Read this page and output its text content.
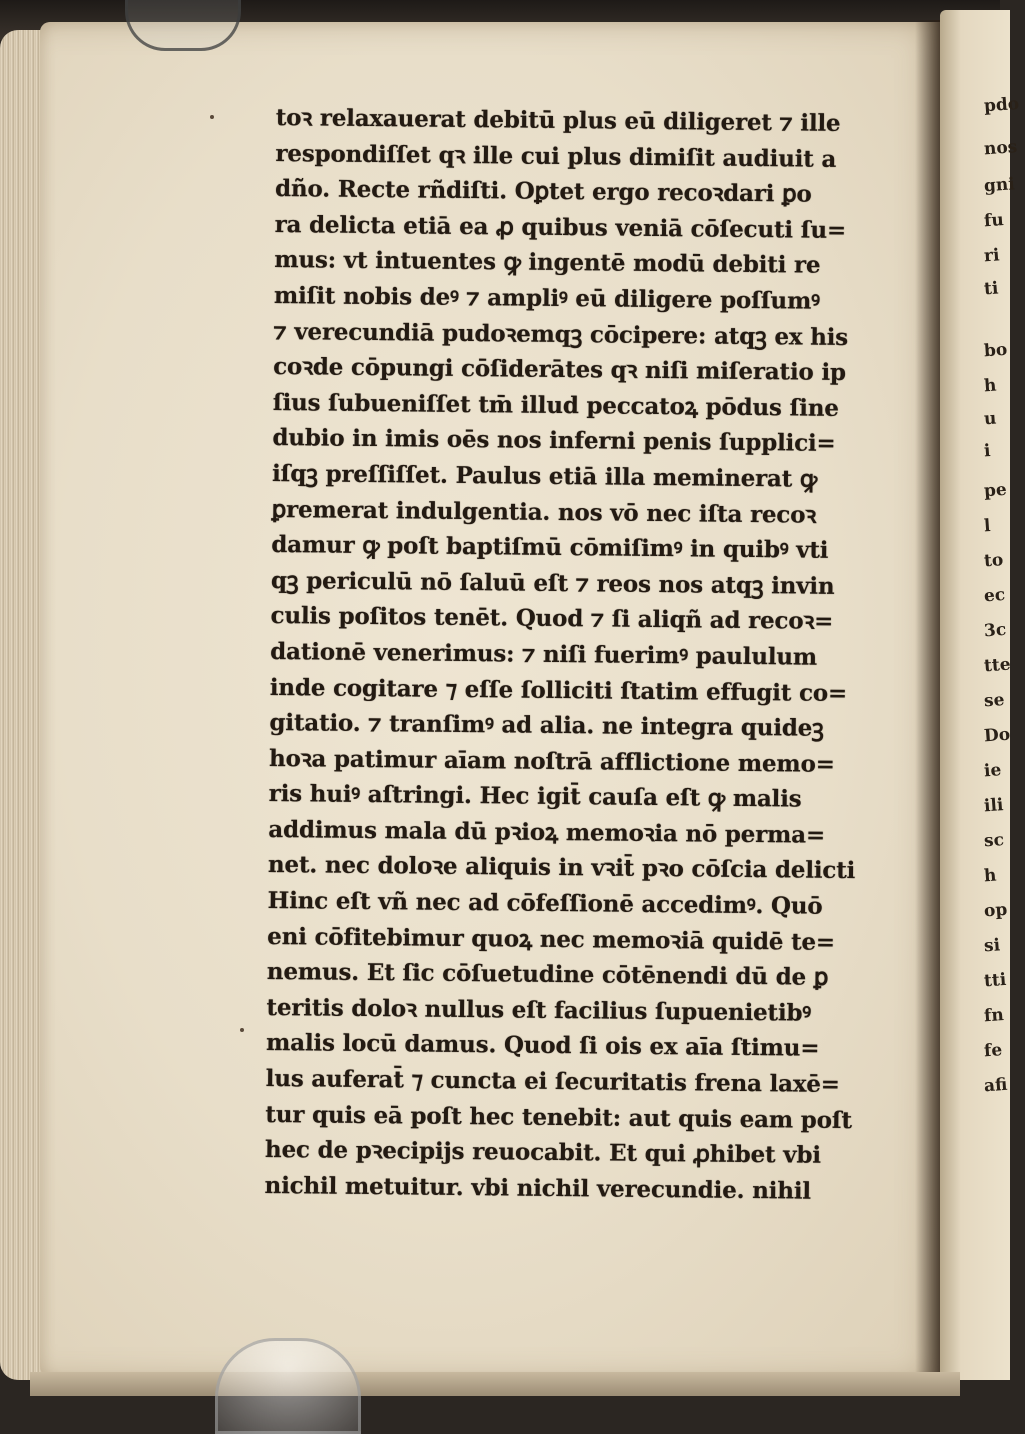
pdo
nos
gni
fu
ri
ti
bo
h
u
i
pe
l
to
ec
3c
tte
se
Do
ie
ili
sc
h
op
si
tti
fn
fe
afi
toꝛ relaxauerat debitū plus eū diligeret ⁊ ille
respondiſſet qꝛ ille cui plus dimiſit audiuit a
dño. Recte rñdiſti. Oꝑtet ergo recoꝛdari ꝑo
ra delicta etiā ea ꝓ quibus veniā cōſecuti ſu=
mus: vt intuentes ꝙ ingentē modū debiti re
miſit nobis deꝰ ⁊ ampliꝰ eū diligere poſſumꝰ
⁊ verecundiā pudoꝛemqꝫ cōcipere: atqꝫ ex his
coꝛde cōpungi cōſiderātes qꝛ niſi miſeratio ip
ſius ſubueniſſet tm̄ illud peccatoꝝ pōdus ſine
dubio in imis oēs nos inferni penis ſupplici=
iſqꝫ preſſiſſet. Paulus etiā illa meminerat ꝙ
ꝑremerat indulgentia. nos vō nec iſta recoꝛ
damur ꝙ poſt baptiſmū cōmiſimꝰ in quibꝰ vti
qꝫ periculū nō ſaluū eſt ⁊ reos nos atqꝫ invin
culis poſitos tenēt. Quod ⁊ ſi aliqñ ad recoꝛ=
dationē venerimus: ⁊ niſi fuerimꝰ paululum
inde cogitare ⁊ eſſe ſolliciti ſtatim effugit co=
gitatio. ⁊ tranſimꝰ ad alia. ne integra quideꝫ
hoꝛa patimur aīam noſtrā afflictione memo=
ris huiꝰ aſtringi. Hec igit̄ cauſa eſt ꝙ malis
addimus mala dū pꝛioꝝ memoꝛia nō perma=
net. nec doloꝛe aliquis in vꝛit̄ pꝛo cōſcia delicti
Hinc eſt vñ nec ad cōfeſſionē accedimꝰ. Quō
eni cōfitebimur quoꝝ nec memoꝛiā quidē te=
nemus. Et ſic cōſuetudine cōtēnendi dū de ꝑ
teritis doloꝛ nullus eſt facilius ſupuenietibꝰ
malis locū damus. Quod ſi ois ex aīa ſtimu=
lus auferat̄ ⁊ cuncta ei ſecuritatis frena laxē=
tur quis eā poſt hec tenebit: aut quis eam poſt
hec de pꝛecipijs reuocabit. Et qui ꝓhibet vbi
nichil metuitur. vbi nichil verecundie. nihil
